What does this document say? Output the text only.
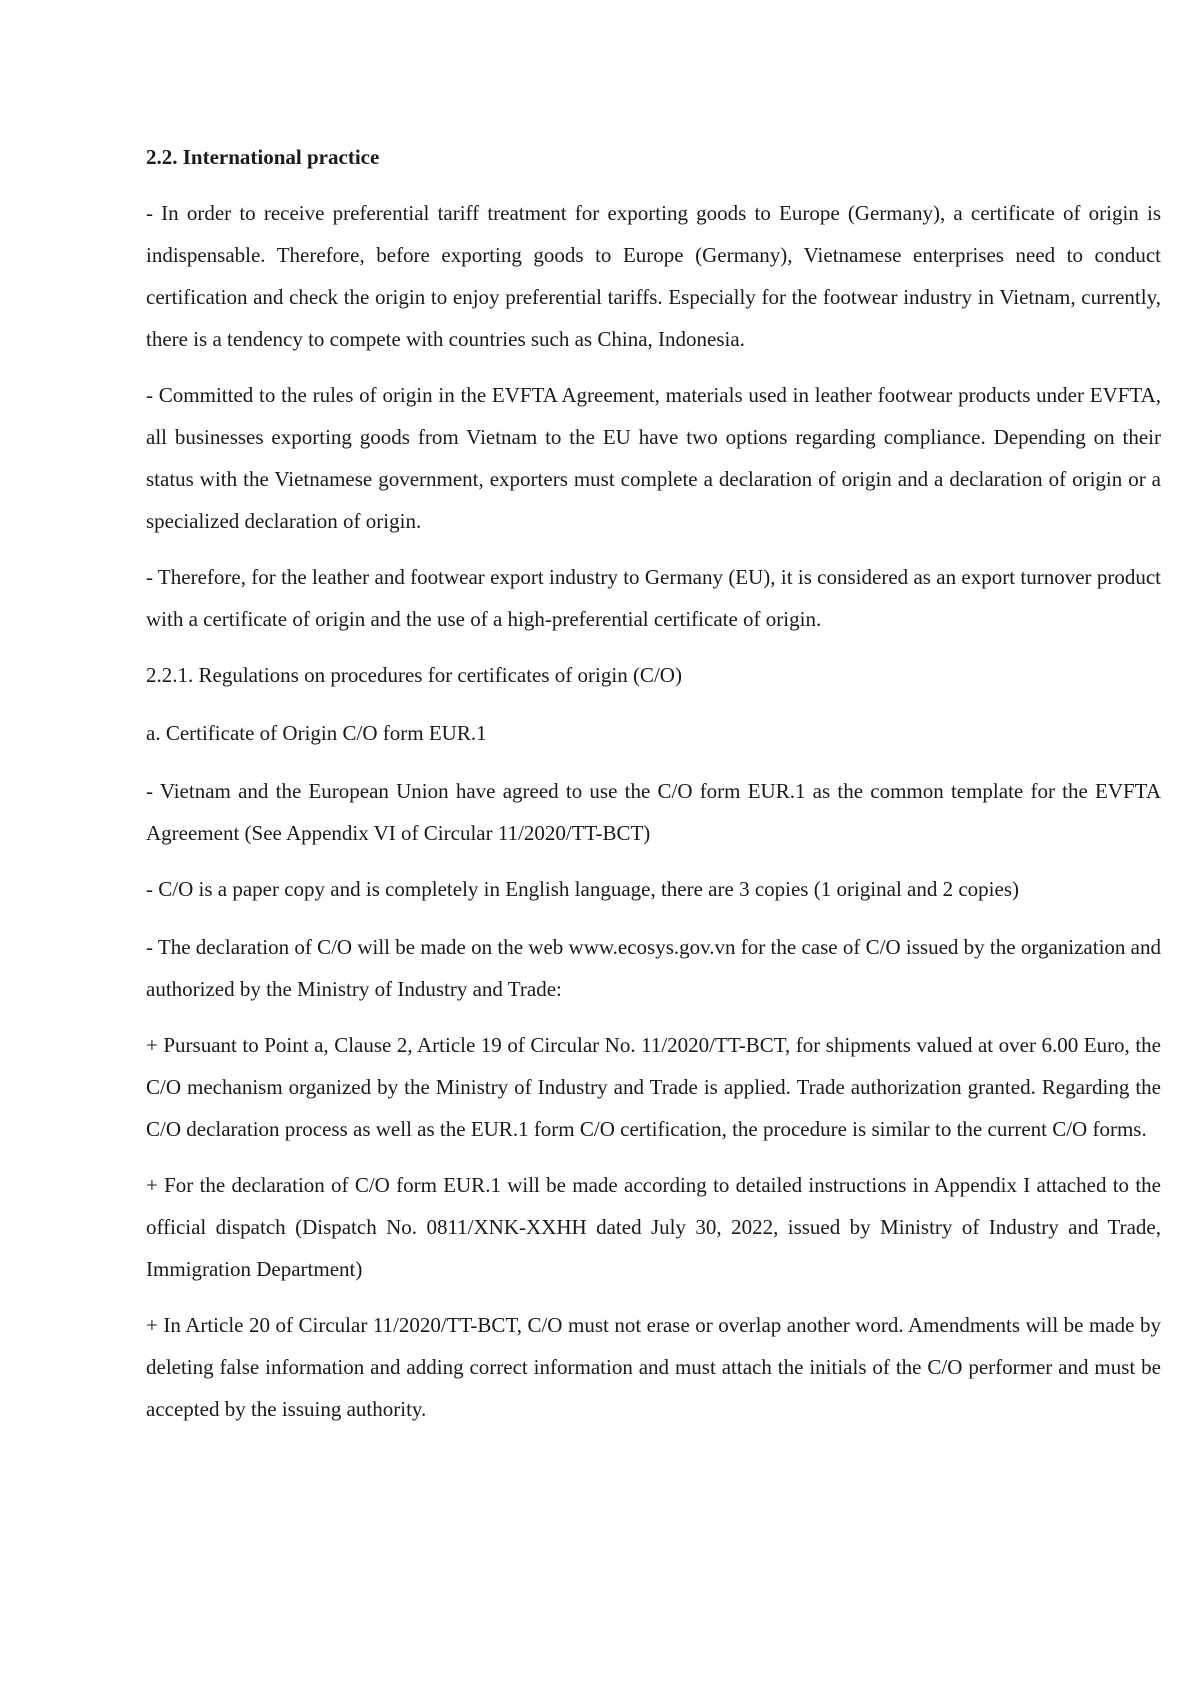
2.2. International practice

- In order to receive preferential tariff treatment for exporting goods to Europe (Germany), a certificate of origin is indispensable. Therefore, before exporting goods to Europe (Germany), Vietnamese enterprises need to conduct certification and check the origin to enjoy preferential tariffs. Especially for the footwear industry in Vietnam, currently, there is a tendency to compete with countries such as China, Indonesia.

- Committed to the rules of origin in the EVFTA Agreement, materials used in leather footwear products under EVFTA, all businesses exporting goods from Vietnam to the EU have two options regarding compliance. Depending on their status with the Vietnamese government, exporters must complete a declaration of origin and a declaration of origin or a specialized declaration of origin.

- Therefore, for the leather and footwear export industry to Germany (EU), it is considered as an export turnover product with a certificate of origin and the use of a high-preferential certificate of origin.

2.2.1. Regulations on procedures for certificates of origin (C/O)

a. Certificate of Origin C/O form EUR.1

- Vietnam and the European Union have agreed to use the C/O form EUR.1 as the common template for the EVFTA Agreement (See Appendix VI of Circular 11/2020/TT-BCT)

- C/O is a paper copy and is completely in English language, there are 3 copies (1 original and 2 copies)

- The declaration of C/O will be made on the web www.ecosys.gov.vn for the case of C/O issued by the organization and authorized by the Ministry of Industry and Trade:

+ Pursuant to Point a, Clause 2, Article 19 of Circular No. 11/2020/TT-BCT, for shipments valued at over 6.00 Euro, the C/O mechanism organized by the Ministry of Industry and Trade is applied. Trade authorization granted. Regarding the C/O declaration process as well as the EUR.1 form C/O certification, the procedure is similar to the current C/O forms.

+ For the declaration of C/O form EUR.1 will be made according to detailed instructions in Appendix I attached to the official dispatch (Dispatch No. 0811/XNK-XXHH dated July 30, 2022, issued by Ministry of Industry and Trade, Immigration Department)

+ In Article 20 of Circular 11/2020/TT-BCT, C/O must not erase or overlap another word. Amendments will be made by deleting false information and adding correct information and must attach the initials of the C/O performer and must be accepted by the issuing authority.
